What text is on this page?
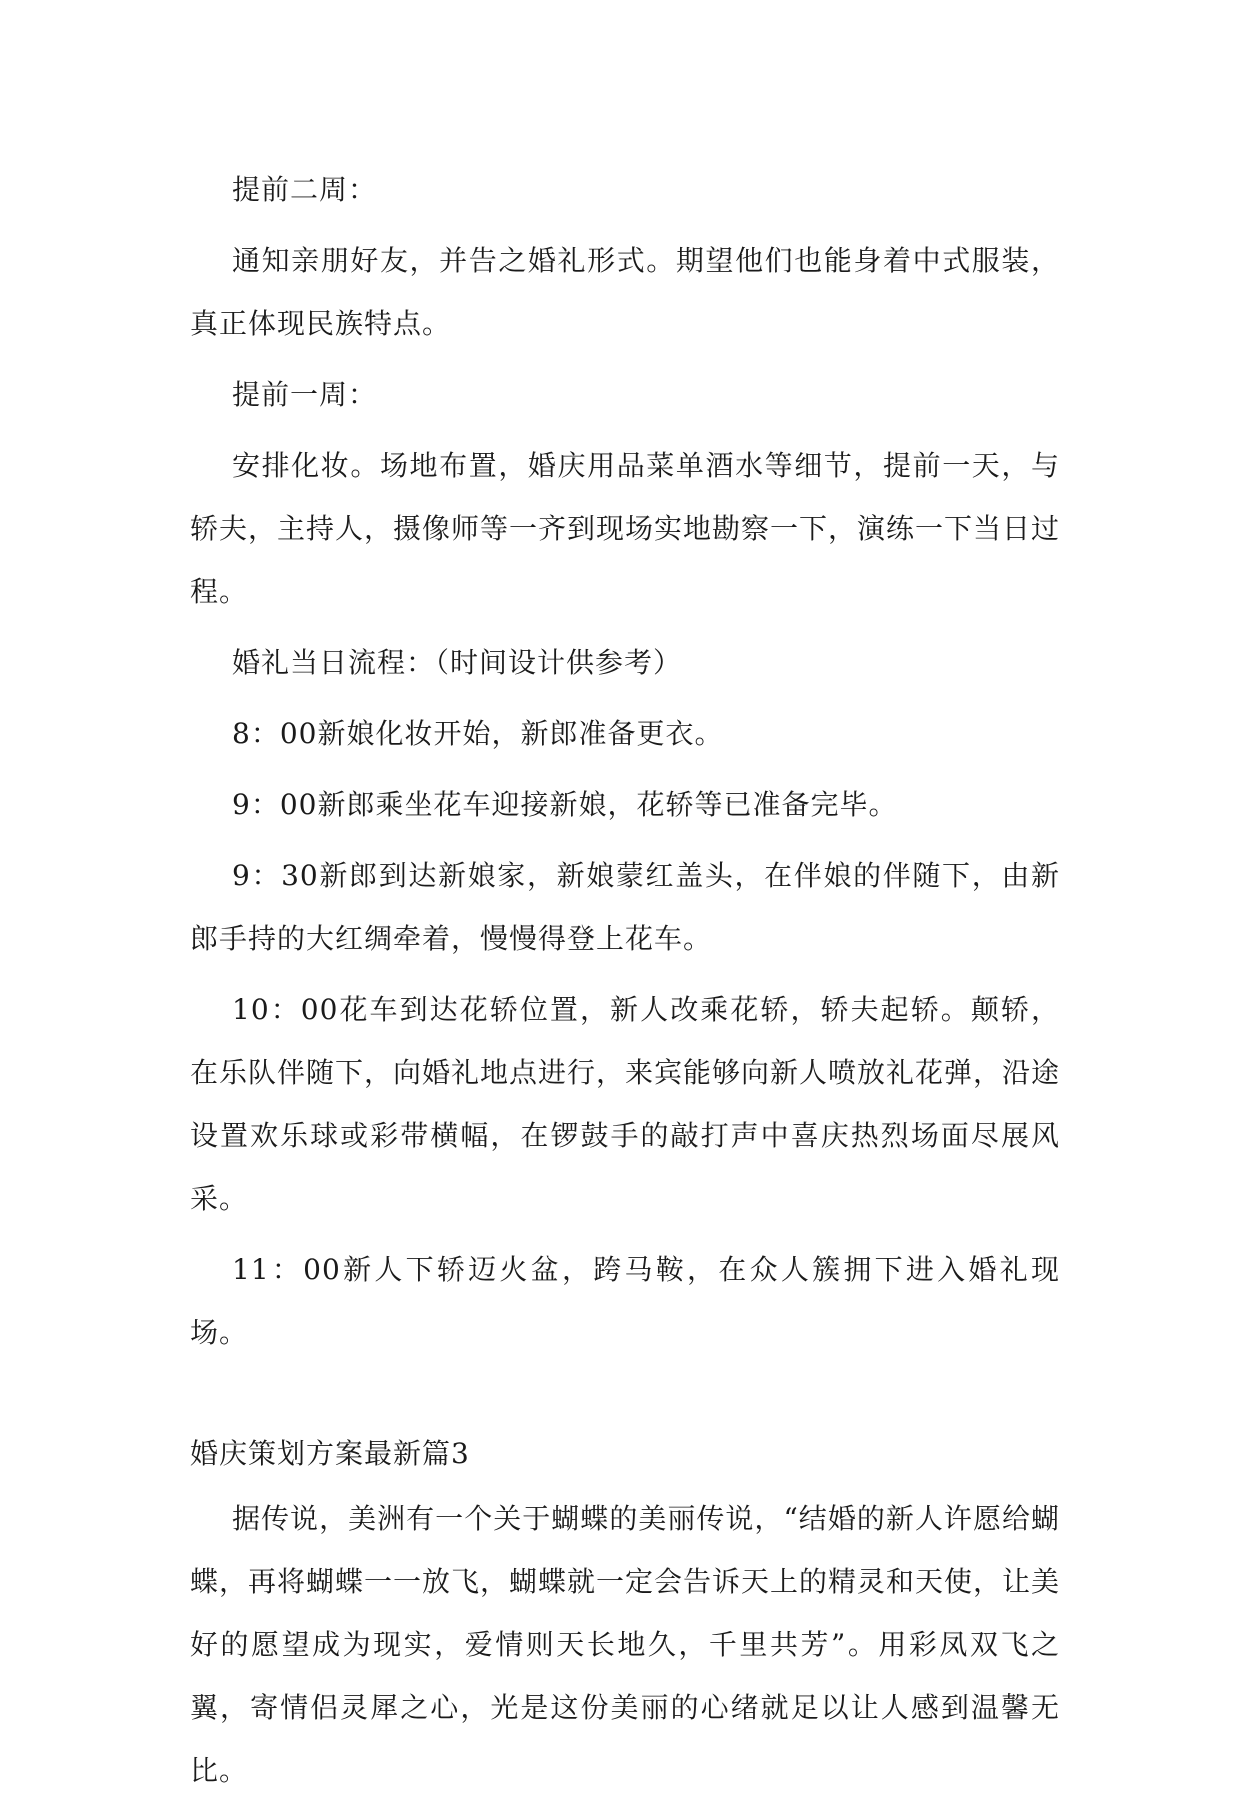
提前二周：

通知亲朋好友，并告之婚礼形式。期望他们也能身着中式服装，真正体现民族特点。

提前一周：

安排化妆。场地布置，婚庆用品菜单酒水等细节，提前一天，与轿夫，主持人，摄像师等一齐到现场实地勘察一下，演练一下当日过程。

婚礼当日流程：（时间设计供参考）

8：00新娘化妆开始，新郎准备更衣。

9：00新郎乘坐花车迎接新娘，花轿等已准备完毕。

9：30新郎到达新娘家，新娘蒙红盖头，在伴娘的伴随下，由新郎手持的大红绸牵着，慢慢得登上花车。

10：00花车到达花轿位置，新人改乘花轿，轿夫起轿。颠轿，在乐队伴随下，向婚礼地点进行，来宾能够向新人喷放礼花弹，沿途设置欢乐球或彩带横幅，在锣鼓手的敲打声中喜庆热烈场面尽展风采。

11：00新人下轿迈火盆，跨马鞍，在众人簇拥下进入婚礼现场。

婚庆策划方案最新篇3

据传说，美洲有一个关于蝴蝶的美丽传说，“结婚的新人许愿给蝴蝶，再将蝴蝶一一放飞，蝴蝶就一定会告诉天上的精灵和天使，让美好的愿望成为现实，爱情则天长地久，千里共芳”。用彩凤双飞之翼，寄情侣灵犀之心，光是这份美丽的心绪就足以让人感到温馨无比。
